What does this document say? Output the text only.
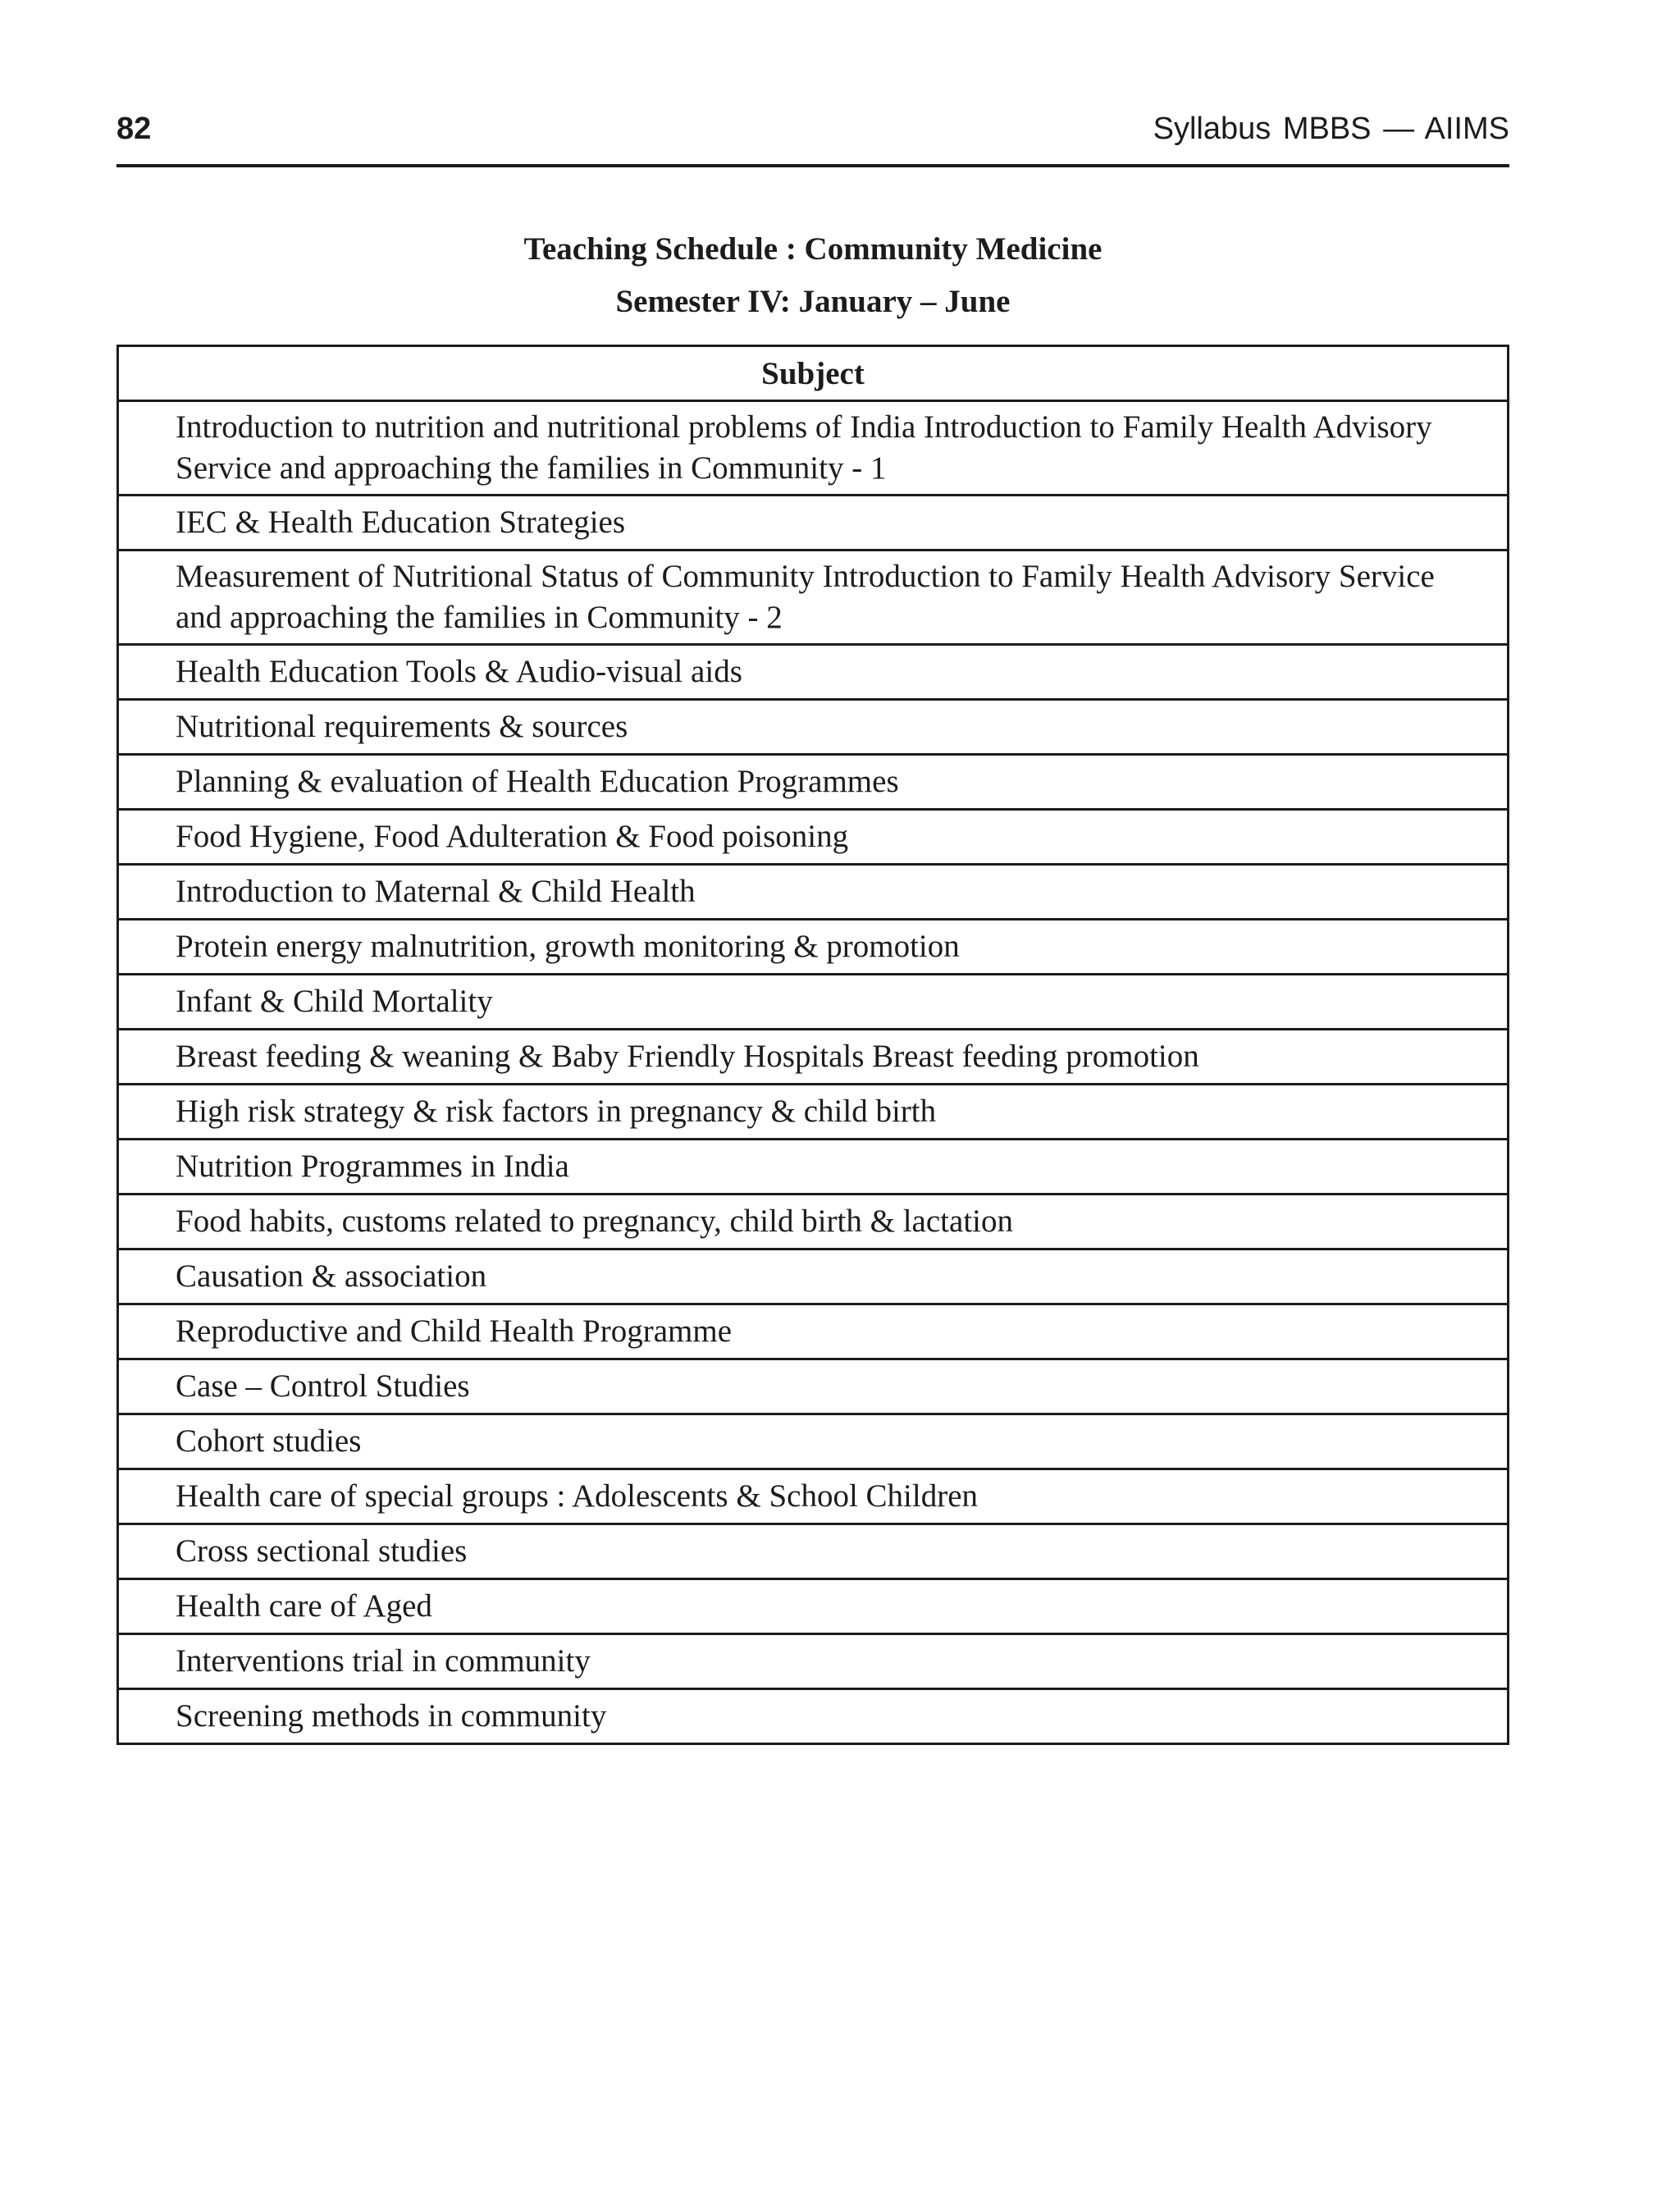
82	Syllabus MBBS — AIIMS
Teaching Schedule : Community Medicine
Semester IV: January – June
Subject
Introduction to nutrition and nutritional problems of India Introduction to Family Health Advisory Service and approaching the families in Community - 1
IEC & Health Education Strategies
Measurement of Nutritional Status of Community Introduction to Family Health Advisory Service and approaching the families in Community - 2
Health Education Tools & Audio-visual aids
Nutritional requirements & sources
Planning & evaluation of Health Education Programmes
Food Hygiene, Food Adulteration & Food poisoning
Introduction to Maternal & Child Health
Protein energy malnutrition, growth monitoring & promotion
Infant & Child Mortality
Breast feeding & weaning & Baby Friendly Hospitals Breast feeding promotion
High risk strategy & risk factors in pregnancy & child birth
Nutrition Programmes in India
Food habits, customs related to pregnancy, child birth & lactation
Causation & association
Reproductive and Child Health Programme
Case – Control Studies
Cohort studies
Health care of special groups : Adolescents & School Children
Cross sectional studies
Health care of Aged
Interventions trial in community
Screening methods in community
